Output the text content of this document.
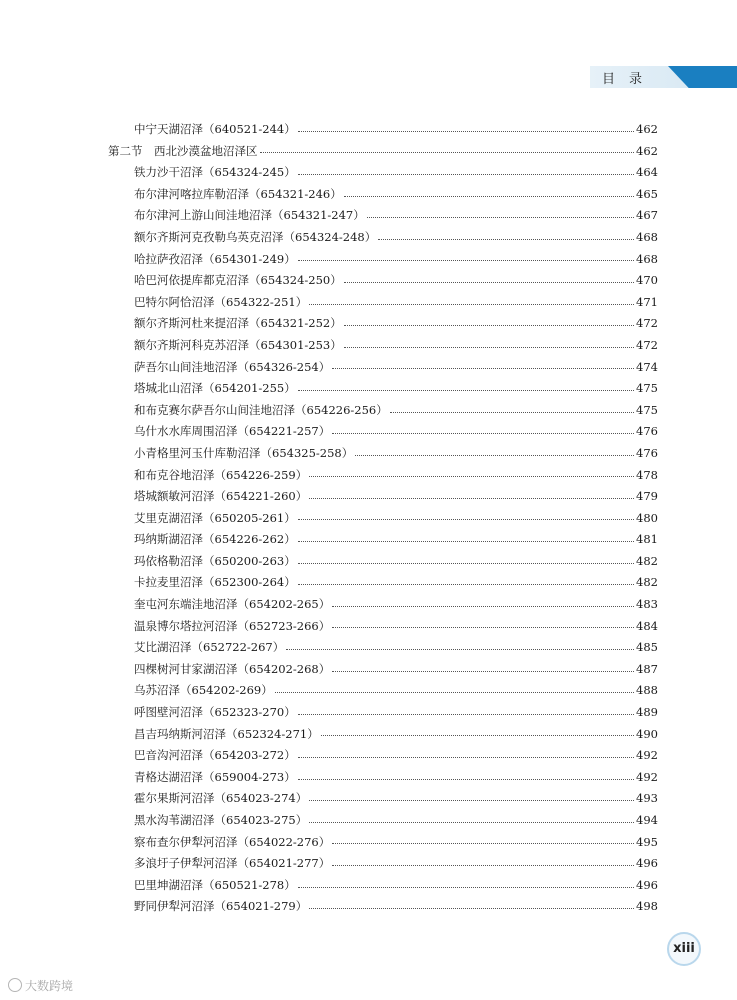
目录
中宁天湖沼泽（640521-244）	462
第二节　西北沙漠盆地沼泽区	462
铁力沙干沼泽（654324-245）	464
布尔津河喀拉库勒沼泽（654321-246）	465
布尔津河上游山间洼地沼泽（654321-247）	467
额尔齐斯河克孜勒乌英克沼泽（654324-248）	468
哈拉萨孜沼泽（654301-249）	468
哈巴河依提库都克沼泽（654324-250）	470
巴特尔阿恰沼泽（654322-251）	471
额尔齐斯河杜来提沼泽（654321-252）	472
额尔齐斯河科克苏沼泽（654301-253）	472
萨吾尔山间洼地沼泽（654326-254）	474
塔城北山沼泽（654201-255）	475
和布克赛尔萨吾尔山间洼地沼泽（654226-256）	475
乌什水水库周围沼泽（654221-257）	476
小青格里河玉什库勒沼泽（654325-258）	476
和布克谷地沼泽（654226-259）	478
塔城额敏河沼泽（654221-260）	479
艾里克湖沼泽（650205-261）	480
玛纳斯湖沼泽（654226-262）	481
玛依格勒沼泽（650200-263）	482
卡拉麦里沼泽（652300-264）	482
奎屯河东端洼地沼泽（654202-265）	483
温泉博尔塔拉河沼泽（652723-266）	484
艾比湖沼泽（652722-267）	485
四棵树河甘家湖沼泽（654202-268）	487
乌苏沼泽（654202-269）	488
呼图壁河沼泽（652323-270）	489
昌吉玛纳斯河沼泽（652324-271）	490
巴音沟河沼泽（654203-272）	492
青格达湖沼泽（659004-273）	492
霍尔果斯河沼泽（654023-274）	493
黑水沟苇湖沼泽（654023-275）	494
察布查尔伊犁河沼泽（654022-276）	495
多浪圩子伊犁河沼泽（654021-277）	496
巴里坤湖沼泽（650521-278）	496
野同伊犁河沼泽（654021-279）	498
xiii
大数跨境
